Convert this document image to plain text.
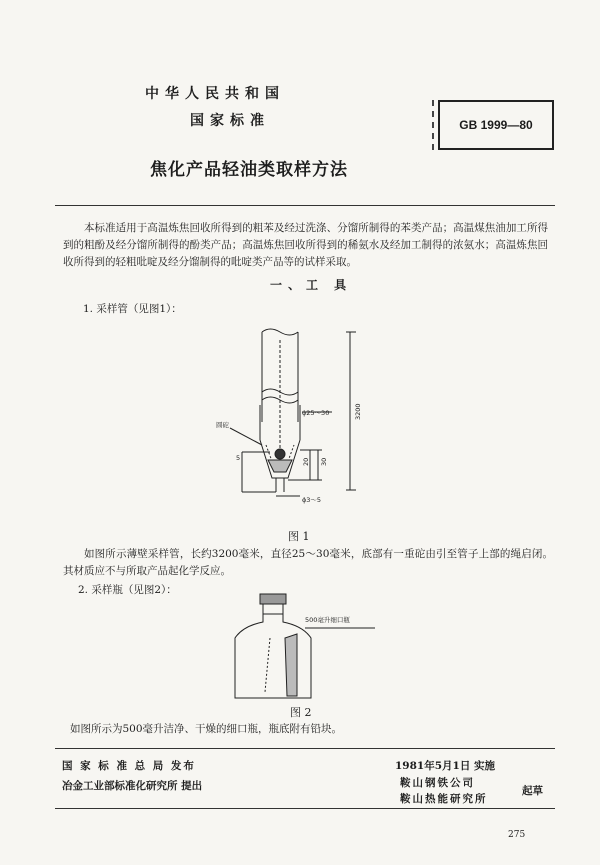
中华人民共和国
国家标准	GB 1999—80
焦化产品轻油类取样方法
本标准适用于高温炼焦回收所得到的粗苯及经过洗涤、分馏所制得的苯类产品；高温煤焦油加工所得到的粗酚及经分馏所制得的酚类产品；高温炼焦回收所得到的稀氨水及经加工制得的浓氨水；高温炼焦回收所得到的轻粗吡啶及经分馏制得的吡啶类产品等的试样采取。
一、工 具
1. 采样管（见图1）：
ϕ25～30	3200
圆砣
5
ϕ3～5
20 30
图 1
如图所示薄壁采样管，长约3200毫米，直径25～30毫米，底部有一重砣由引至管子上部的绳启闭。其材质应不与所取产品起化学反应。
2. 采样瓶（见图2）：
500毫升细口瓶
图 2
如图所示为500毫升洁净、干燥的细口瓶，瓶底附有铅块。
国 家 标 准 总 局 发布	1981年5月1日 实施
冶金工业部标准化研究所 提出	鞍山钢铁公司
鞍山热能研究所
起草
275
